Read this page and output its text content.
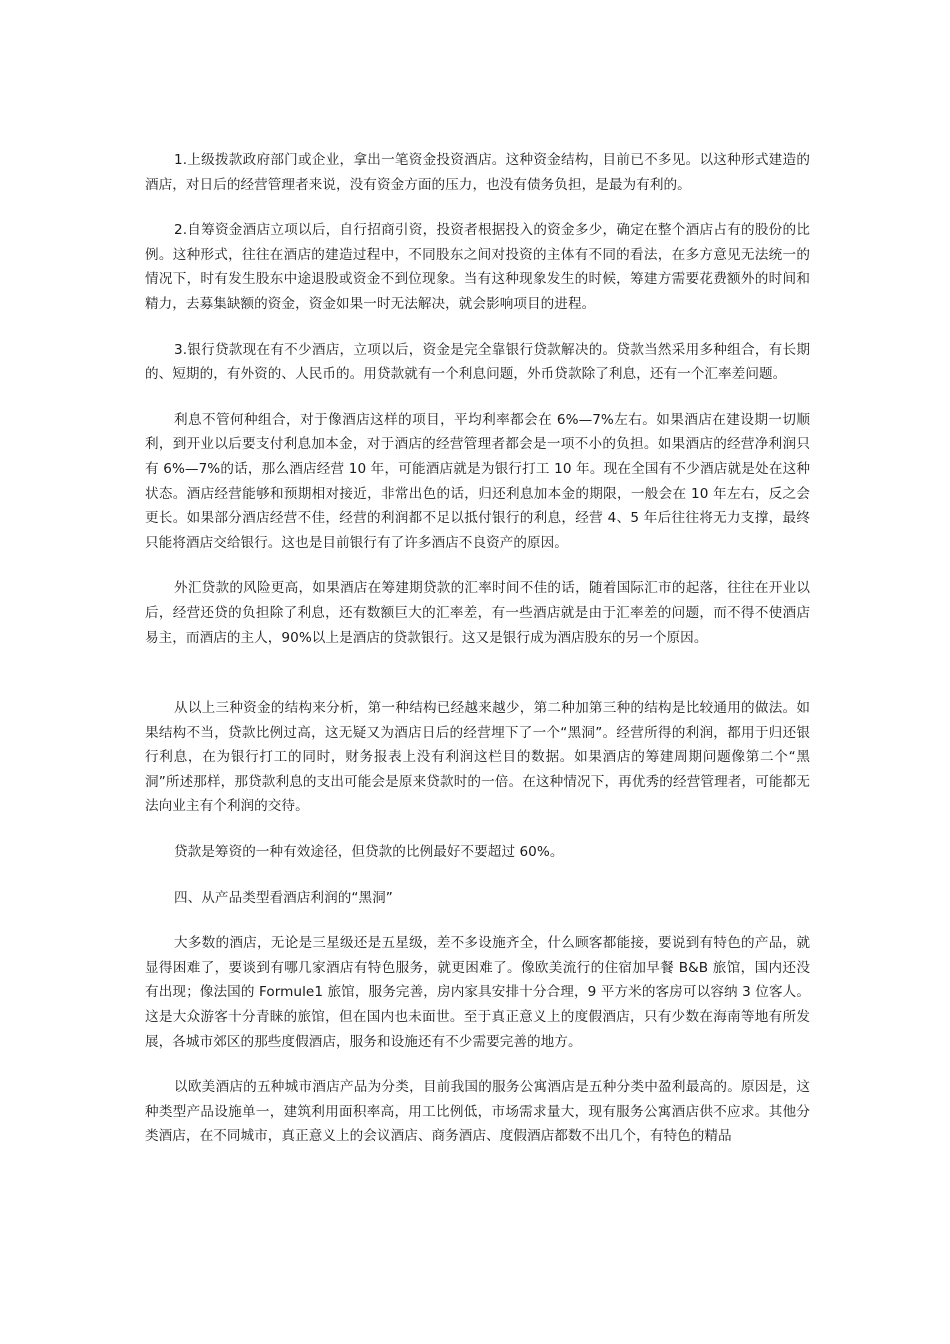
1.上级拨款政府部门或企业，拿出一笔资金投资酒店。这种资金结构，目前已不多见。以这种形式建造的酒店，对日后的经营管理者来说，没有资金方面的压力，也没有债务负担，是最为有利的。

2.自筹资金酒店立项以后，自行招商引资，投资者根据投入的资金多少，确定在整个酒店占有的股份的比例。这种形式，往往在酒店的建造过程中，不同股东之间对投资的主体有不同的看法，在多方意见无法统一的情况下，时有发生股东中途退股或资金不到位现象。当有这种现象发生的时候，筹建方需要花费额外的时间和精力，去募集缺额的资金，资金如果一时无法解决，就会影响项目的进程。

3.银行贷款现在有不少酒店，立项以后，资金是完全靠银行贷款解决的。贷款当然采用多种组合，有长期的、短期的，有外资的、人民币的。用贷款就有一个利息问题，外币贷款除了利息，还有一个汇率差问题。

利息不管何种组合，对于像酒店这样的项目，平均利率都会在 6%—7%左右。如果酒店在建设期一切顺利，到开业以后要支付利息加本金，对于酒店的经营管理者都会是一项不小的负担。如果酒店的经营净利润只有 6%—7%的话，那么酒店经营 10 年，可能酒店就是为银行打工 10 年。现在全国有不少酒店就是处在这种状态。酒店经营能够和预期相对接近，非常出色的话，归还利息加本金的期限，一般会在 10 年左右，反之会更长。如果部分酒店经营不佳，经营的利润都不足以抵付银行的利息，经营 4、5 年后往往将无力支撑，最终只能将酒店交给银行。这也是目前银行有了许多酒店不良资产的原因。

外汇贷款的风险更高，如果酒店在筹建期贷款的汇率时间不佳的话，随着国际汇市的起落，往往在开业以后，经营还贷的负担除了利息，还有数额巨大的汇率差，有一些酒店就是由于汇率差的问题，而不得不使酒店易主，而酒店的主人，90%以上是酒店的贷款银行。这又是银行成为酒店股东的另一个原因。

从以上三种资金的结构来分析，第一种结构已经越来越少，第二种加第三种的结构是比较通用的做法。如果结构不当，贷款比例过高，这无疑又为酒店日后的经营埋下了一个“黑洞”。经营所得的利润，都用于归还银行利息，在为银行打工的同时，财务报表上没有利润这栏目的数据。如果酒店的筹建周期问题像第二个“黑洞”所述那样，那贷款利息的支出可能会是原来贷款时的一倍。在这种情况下，再优秀的经营管理者，可能都无法向业主有个利润的交待。

贷款是筹资的一种有效途径，但贷款的比例最好不要超过 60%。

四、从产品类型看酒店利润的“黑洞”

大多数的酒店，无论是三星级还是五星级，差不多设施齐全，什么顾客都能接，要说到有特色的产品，就显得困难了，要谈到有哪几家酒店有特色服务，就更困难了。像欧美流行的住宿加早餐 B&B 旅馆，国内还没有出现；像法国的 Formule1 旅馆，服务完善，房内家具安排十分合理，9 平方米的客房可以容纳 3 位客人。这是大众游客十分青睐的旅馆，但在国内也未面世。至于真正意义上的度假酒店，只有少数在海南等地有所发展，各城市郊区的那些度假酒店，服务和设施还有不少需要完善的地方。

以欧美酒店的五种城市酒店产品为分类，目前我国的服务公寓酒店是五种分类中盈利最高的。原因是，这种类型产品设施单一，建筑利用面积率高，用工比例低，市场需求量大，现有服务公寓酒店供不应求。其他分类酒店，在不同城市，真正意义上的会议酒店、商务酒店、度假酒店都数不出几个，有特色的精品
